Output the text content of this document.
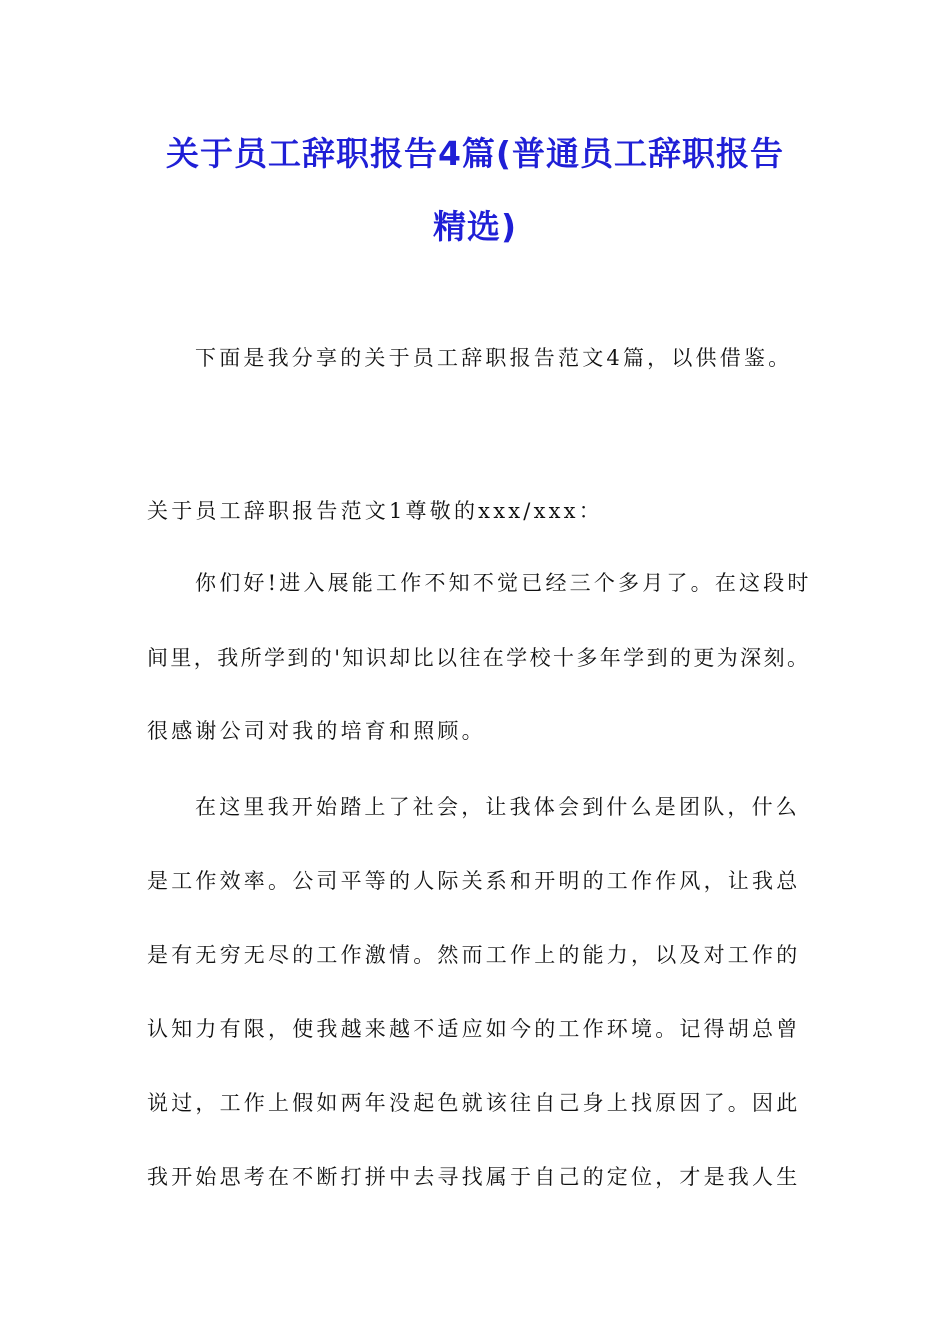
关于员工辞职报告4篇(普通员工辞职报告
精选)

下面是我分享的关于员工辞职报告范文4篇，以供借鉴。

关于员工辞职报告范文1尊敬的xxx/xxx：

你们好!进入展能工作不知不觉已经三个多月了。在这段时

间里，我所学到的'知识却比以往在学校十多年学到的更为深刻。

很感谢公司对我的培育和照顾。

在这里我开始踏上了社会，让我体会到什么是团队，什么

是工作效率。公司平等的人际关系和开明的工作作风，让我总

是有无穷无尽的工作激情。然而工作上的能力，以及对工作的

认知力有限，使我越来越不适应如今的工作环境。记得胡总曾

说过，工作上假如两年没起色就该往自己身上找原因了。因此

我开始思考在不断打拼中去寻找属于自己的定位，才是我人生
